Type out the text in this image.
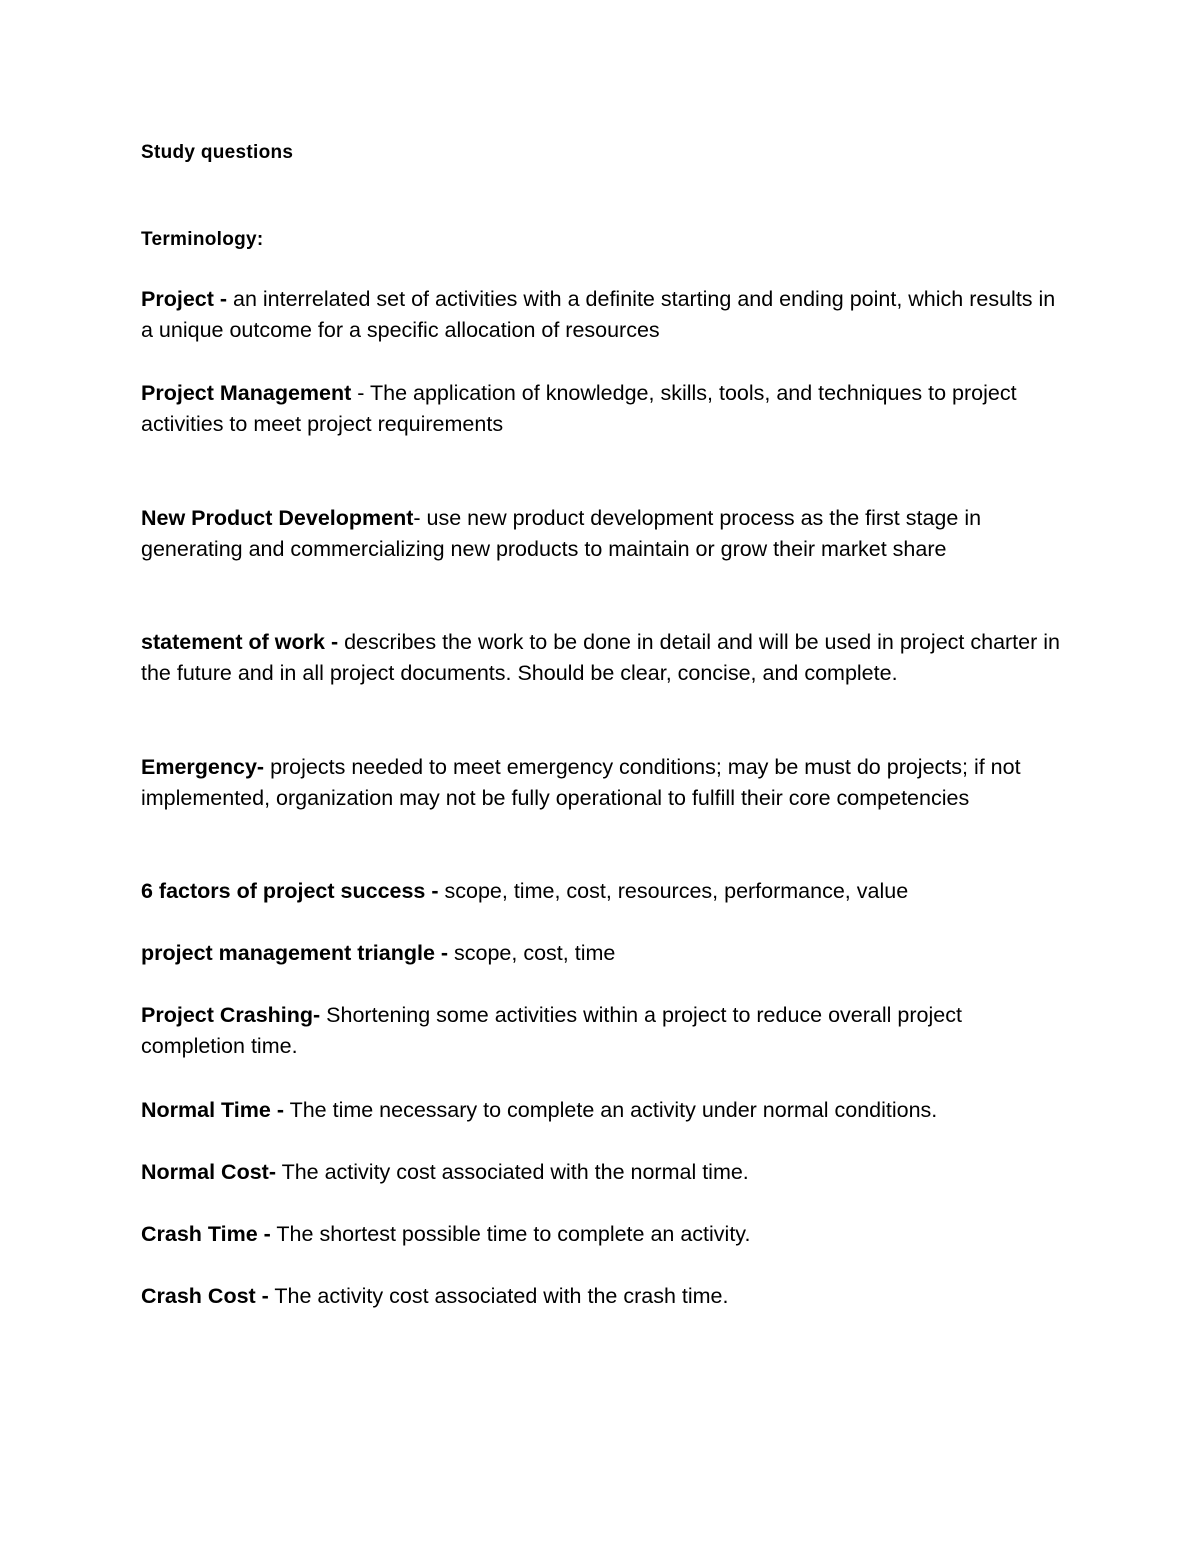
Study questions
Terminology:
Project - an interrelated set of activities with a definite starting and ending point, which results in a unique outcome for a specific allocation of resources
Project Management - The application of knowledge, skills, tools, and techniques to project activities to meet project requirements
New Product Development- use new product development process as the first stage in generating and commercializing new products to maintain or grow their market share
statement of work - describes the work to be done in detail and will be used in project charter in the future and in all project documents. Should be clear, concise, and complete.
Emergency- projects needed to meet emergency conditions; may be must do projects; if not implemented, organization may not be fully operational to fulfill their core competencies
6 factors of project success - scope, time, cost, resources, performance, value
project management triangle - scope, cost, time
Project Crashing- Shortening some activities within a project to reduce overall project completion time.
Normal Time - The time necessary to complete an activity under normal conditions.
Normal Cost- The activity cost associated with the normal time.
Crash Time - The shortest possible time to complete an activity.
Crash Cost - The activity cost associated with the crash time.
